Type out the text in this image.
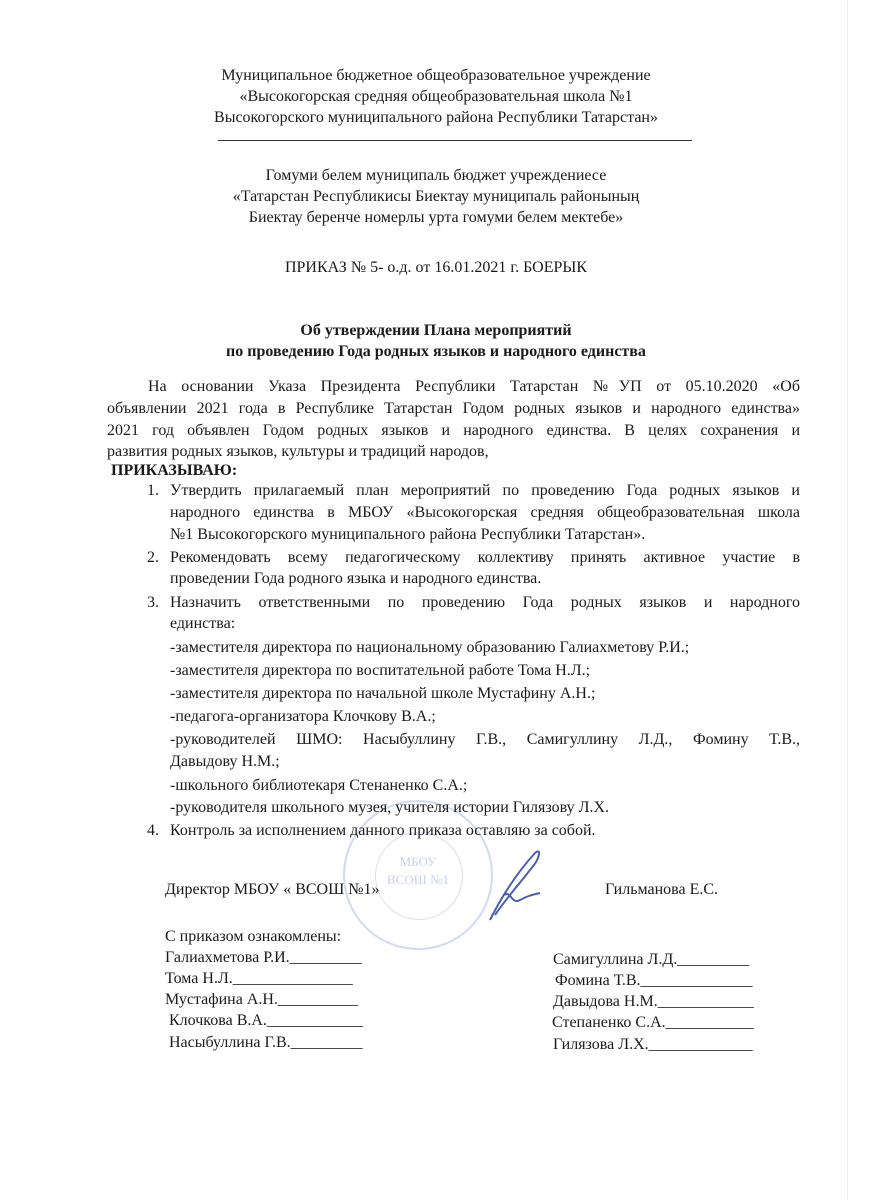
МБОУ
ВСОШ №1
Муниципальное бюджетное общеобразовательное учреждение
«Высокогорская средняя общеобразовательная школа №1
Высокогорского муниципального района Республики Татарстан»
Гомуми белем муниципаль бюджет учреждениесе
«Татарстан Республикисы Биектау муниципаль районының
Биектау беренче номерлы урта гомуми белем мектебе»
ПРИКАЗ № 5- о.д. от 16.01.2021 г. БОЕРЫК
Об утверждении Плана мероприятий
по проведению Года родных языков и народного единства
На основании Указа Президента Республики Татарстан №УП от 05.10.2020 «Об
объявлении 2021 года в Республике Татарстан Годом родных языков и народного единства»
2021 год объявлен Годом родных языков и народного единства. В целях сохранения и
развития родных языков, культуры и традиций народов,
ПРИКАЗЫВАЮ:
1. Утвердить прилагаемый план мероприятий по проведению Года родных языков и
народного единства в МБОУ «Высокогорская средняя общеобразовательная школа
№1 Высокогорского муниципального района Республики Татарстан».
2. Рекомендовать всему педагогическому коллективу принять активное участие в
проведении Года родного языка и народного единства.
3. Назначить ответственными по проведению Года родных языков и народного
единства:
-заместителя директора по национальному образованию Галиахметову Р.И.;
-заместителя директора по воспитательной работе Тома Н.Л.;
-заместителя директора по начальной школе Мустафину А.Н.;
-педагога-организатора Клочкову В.А.;
-руководителей ШМО: Насыбуллину Г.В., Самигуллину Л.Д., Фомину Т.В.,
Давыдову Н.М.;
-школьного библиотекаря Стенаненко С.А.;
-руководителя школьного музея, учителя истории Гилязову Л.Х.
4. Контроль за исполнением данного приказа оставляю за собой.
Директор МБОУ « ВСОШ №1»	Гильманова Е.С.
С приказом ознакомлены:
Галиахметова Р.И._________
Тома Н.Л._______________
Мустафина А.Н.__________
Клочкова В.А.____________
Насыбуллина Г.В._________
Самигуллина Л.Д._________
Фомина Т.В.______________
Давыдова Н.М.____________
Степаненко С.А.___________
Гилязова Л.Х._____________
